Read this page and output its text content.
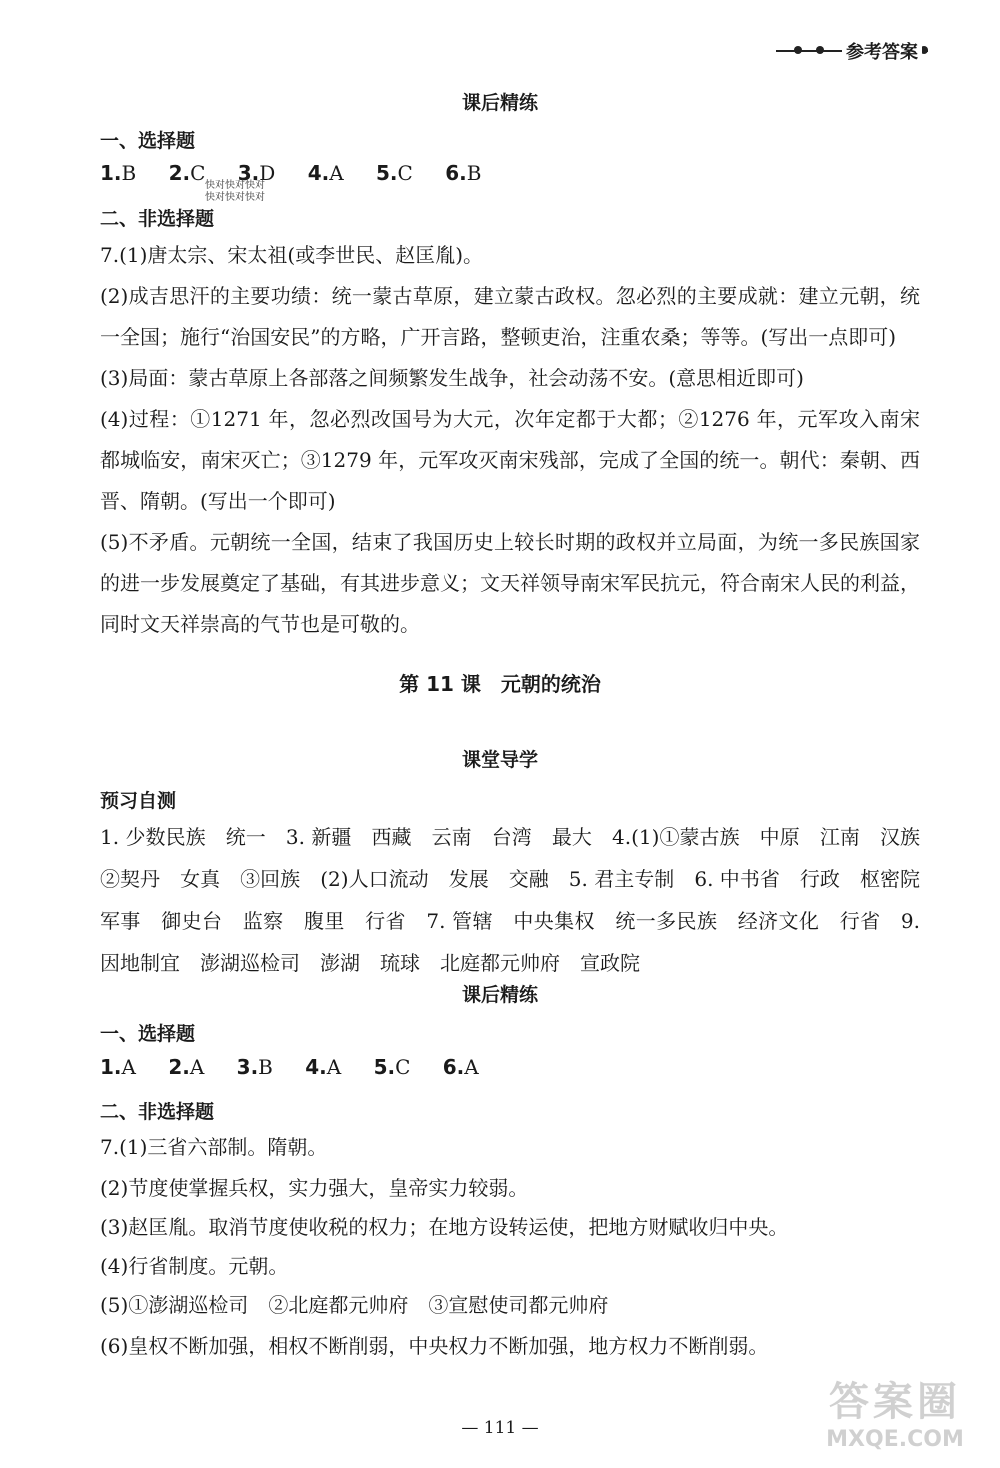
参考答案
课后精练
一、选择题
1.B 2.C 3.D 4.A 5.C 6.B
快对快对快对
快对快对快对
二、非选择题
7.(1)唐太宗、宋太祖(或李世民、赵匡胤)。
(2)成吉思汗的主要功绩：统一蒙古草原，建立蒙古政权。忽必烈的主要成就：建立元朝，统一全国；施行“治国安民”的方略，广开言路，整顿吏治，注重农桑；等等。(写出一点即可)
(3)局面：蒙古草原上各部落之间频繁发生战争，社会动荡不安。(意思相近即可)
(4)过程：①1271 年，忽必烈改国号为大元，次年定都于大都；②1276 年，元军攻入南宋都城临安，南宋灭亡；③1279 年，元军攻灭南宋残部，完成了全国的统一。朝代：秦朝、西晋、隋朝。(写出一个即可)
(5)不矛盾。元朝统一全国，结束了我国历史上较长时期的政权并立局面，为统一多民族国家的进一步发展奠定了基础，有其进步意义；文天祥领导南宋军民抗元，符合南宋人民的利益，同时文天祥崇高的气节也是可敬的。
第 11 课　元朝的统治
课堂导学
预习自测
1. 少数民族　统一　3. 新疆　西藏　云南　台湾　最大　4.(1)①蒙古族　中原　江南　汉族　②契丹　女真　③回族　(2)人口流动　发展　交融　5. 君主专制　6. 中书省　行政　枢密院　军事　御史台　监察　腹里　行省　7. 管辖　中央集权　统一多民族　经济文化　行省　9. 因地制宜　澎湖巡检司　澎湖　琉球　北庭都元帅府　宣政院
课后精练
一、选择题
1.A 2.A 3.B 4.A 5.C 6.A
二、非选择题
7.(1)三省六部制。隋朝。
(2)节度使掌握兵权，实力强大，皇帝实力较弱。
(3)赵匡胤。取消节度使收税的权力；在地方设转运使，把地方财赋收归中央。
(4)行省制度。元朝。
(5)①澎湖巡检司　②北庭都元帅府　③宣慰使司都元帅府
(6)皇权不断加强，相权不断削弱，中央权力不断加强，地方权力不断削弱。
— 111 —
答案圈
MXQE.COM
